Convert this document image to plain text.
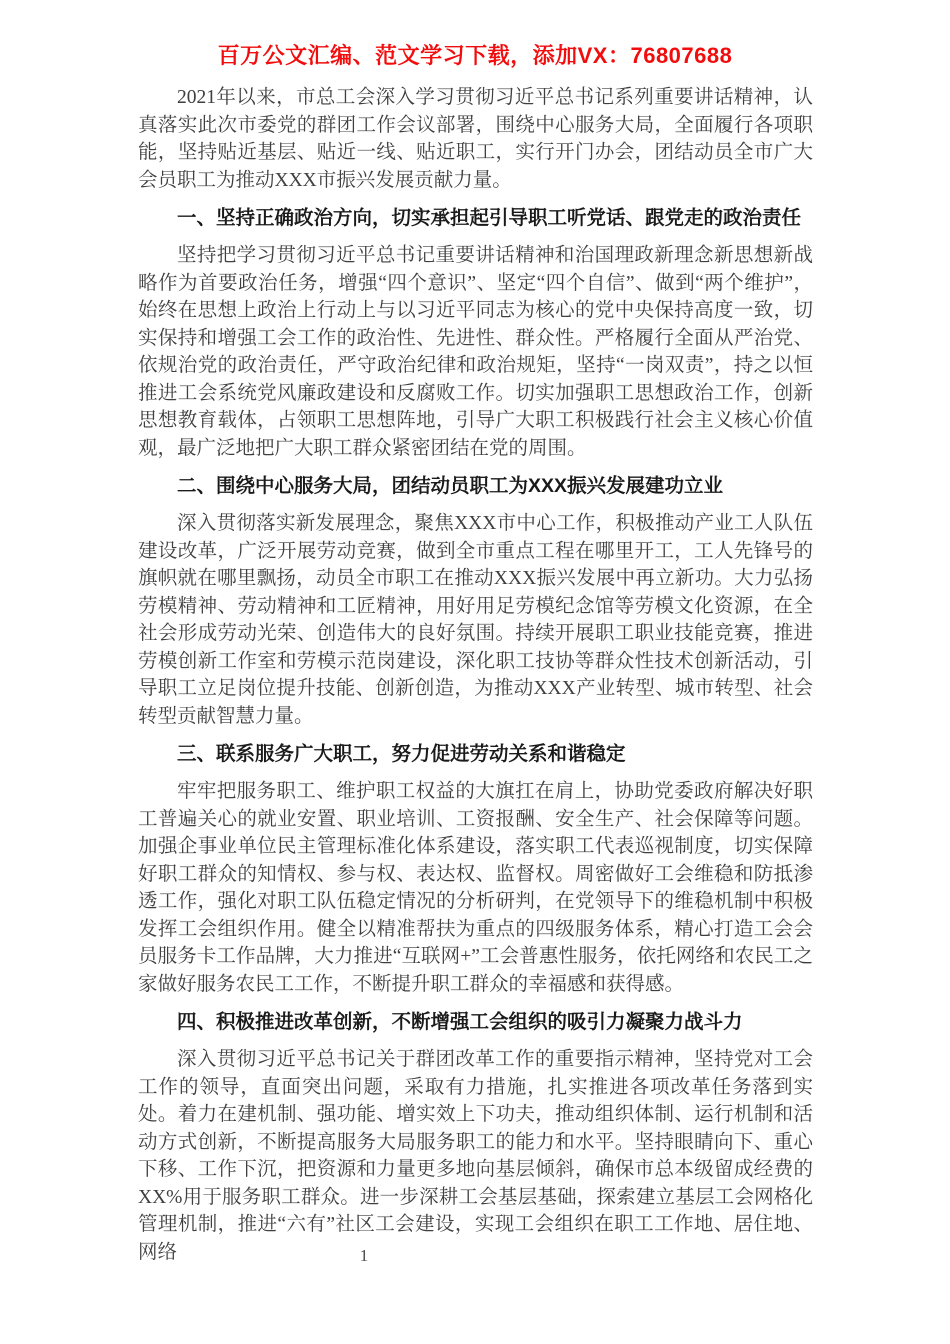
百万公文汇编、范文学习下载，添加VX：76807688

2021年以来，市总工会深入学习贯彻习近平总书记系列重要讲话精神，认真落实此次市委党的群团工作会议部署，围绕中心服务大局，全面履行各项职能，坚持贴近基层、贴近一线、贴近职工，实行开门办会，团结动员全市广大会员职工为推动XXX市振兴发展贡献力量。

一、坚持正确政治方向，切实承担起引导职工听党话、跟党走的政治责任

坚持把学习贯彻习近平总书记重要讲话精神和治国理政新理念新思想新战略作为首要政治任务，增强“四个意识”、坚定“四个自信”、做到“两个维护”，始终在思想上政治上行动上与以习近平同志为核心的党中央保持高度一致，切实保持和增强工会工作的政治性、先进性、群众性。严格履行全面从严治党、依规治党的政治责任，严守政治纪律和政治规矩，坚持“一岗双责”，持之以恒推进工会系统党风廉政建设和反腐败工作。切实加强职工思想政治工作，创新思想教育载体，占领职工思想阵地，引导广大职工积极践行社会主义核心价值观，最广泛地把广大职工群众紧密团结在党的周围。

二、围绕中心服务大局，团结动员职工为XXX振兴发展建功立业

深入贯彻落实新发展理念，聚焦XXX市中心工作，积极推动产业工人队伍建设改革，广泛开展劳动竞赛，做到全市重点工程在哪里开工，工人先锋号的旗帜就在哪里飘扬，动员全市职工在推动XXX振兴发展中再立新功。大力弘扬劳模精神、劳动精神和工匠精神，用好用足劳模纪念馆等劳模文化资源，在全社会形成劳动光荣、创造伟大的良好氛围。持续开展职工职业技能竞赛，推进劳模创新工作室和劳模示范岗建设，深化职工技协等群众性技术创新活动，引导职工立足岗位提升技能、创新创造，为推动XXX产业转型、城市转型、社会转型贡献智慧力量。

三、联系服务广大职工，努力促进劳动关系和谐稳定

牢牢把服务职工、维护职工权益的大旗扛在肩上，协助党委政府解决好职工普遍关心的就业安置、职业培训、工资报酬、安全生产、社会保障等问题。加强企事业单位民主管理标准化体系建设，落实职工代表巡视制度，切实保障好职工群众的知情权、参与权、表达权、监督权。周密做好工会维稳和防抵渗透工作，强化对职工队伍稳定情况的分析研判，在党领导下的维稳机制中积极发挥工会组织作用。健全以精准帮扶为重点的四级服务体系，精心打造工会会员服务卡工作品牌，大力推进“互联网+”工会普惠性服务，依托网络和农民工之家做好服务农民工工作，不断提升职工群众的幸福感和获得感。

四、积极推进改革创新，不断增强工会组织的吸引力凝聚力战斗力

深入贯彻习近平总书记关于群团改革工作的重要指示精神，坚持党对工会工作的领导，直面突出问题，采取有力措施，扎实推进各项改革任务落到实处。着力在建机制、强功能、增实效上下功夫，推动组织体制、运行机制和活动方式创新，不断提高服务大局服务职工的能力和水平。坚持眼睛向下、重心下移、工作下沉，把资源和力量更多地向基层倾斜，确保市总本级留成经费的XX%用于服务职工群众。进一步深耕工会基层基础，探索建立基层工会网格化管理机制，推进“六有”社区工会建设，实现工会组织在职工工作地、居住地、网络	1
